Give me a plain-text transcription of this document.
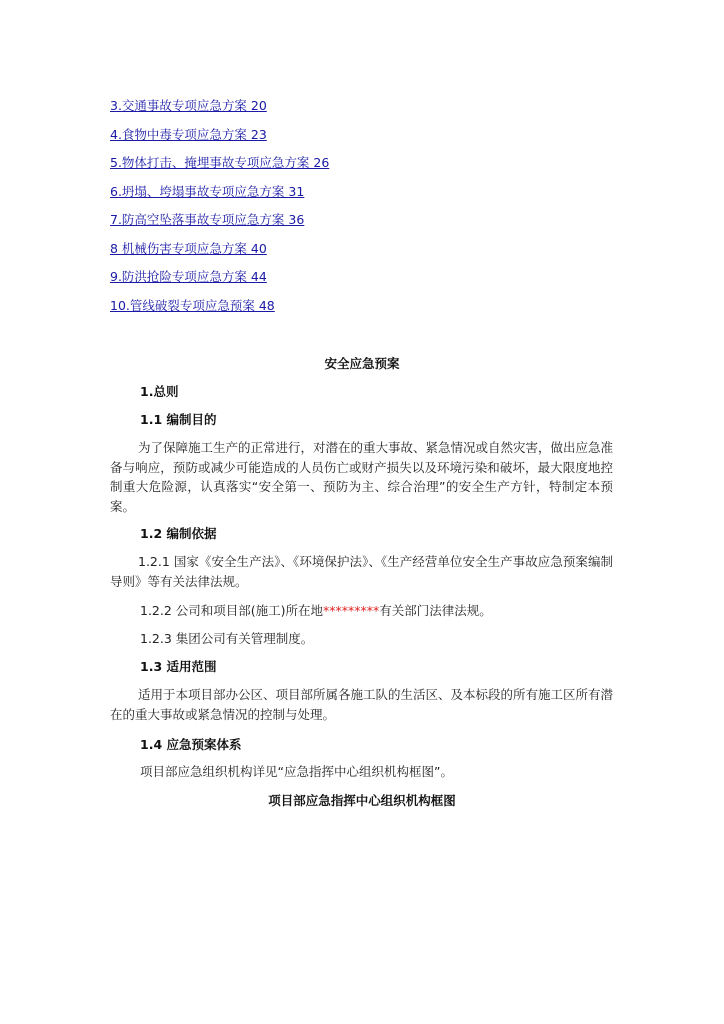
3.交通事故专项应急方案 20
4.食物中毒专项应急方案 23
5.物体打击、掩埋事故专项应急方案 26
6.坍塌、垮塌事故专项应急方案 31
7.防高空坠落事故专项应急方案 36
8 机械伤害专项应急方案 40
9.防洪抢险专项应急方案 44
10.管线破裂专项应急预案 48
安全应急预案
1.总则
1.1 编制目的
为了保障施工生产的正常进行，对潜在的重大事故、紧急情况或自然灾害，做出应急准备与响应，预防或减少可能造成的人员伤亡或财产损失以及环境污染和破坏，最大限度地控制重大危险源，认真落实“安全第一、预防为主、综合治理”的安全生产方针，特制定本预案。
1.2 编制依据
1.2.1 国家《安全生产法》、《环境保护法》、《生产经营单位安全生产事故应急预案编制导则》等有关法律法规。
1.2.2 公司和项目部(施工)所在地*********有关部门法律法规。
1.2.3 集团公司有关管理制度。
1.3 适用范围
适用于本项目部办公区、项目部所属各施工队的生活区、及本标段的所有施工区所有潜在的重大事故或紧急情况的控制与处理。
1.4 应急预案体系
项目部应急组织机构详见“应急指挥中心组织机构框图”。
项目部应急指挥中心组织机构框图
